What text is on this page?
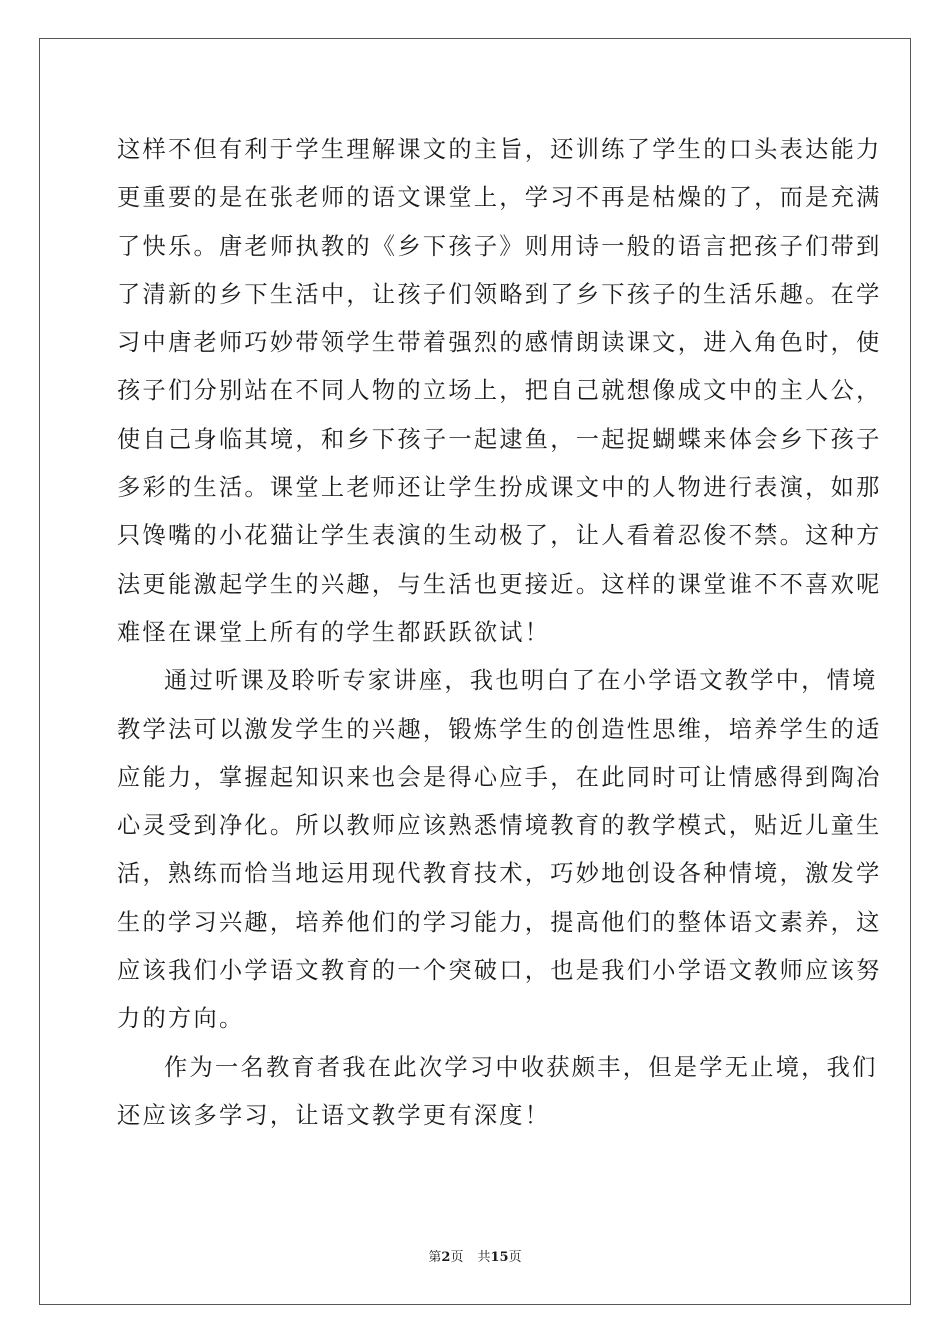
这样不但有利于学生理解课文的主旨，还训练了学生的口头表达能力
更重要的是在张老师的语文课堂上，学习不再是枯燥的了，而是充满
了快乐。唐老师执教的《乡下孩子》则用诗一般的语言把孩子们带到
了清新的乡下生活中，让孩子们领略到了乡下孩子的生活乐趣。在学
习中唐老师巧妙带领学生带着强烈的感情朗读课文，进入角色时，使
孩子们分别站在不同人物的立场上，把自己就想像成文中的主人公，
使自己身临其境，和乡下孩子一起逮鱼，一起捉蝴蝶来体会乡下孩子
多彩的生活。课堂上老师还让学生扮成课文中的人物进行表演，如那
只馋嘴的小花猫让学生表演的生动极了，让人看着忍俊不禁。这种方
法更能激起学生的兴趣，与生活也更接近。这样的课堂谁不不喜欢呢
难怪在课堂上所有的学生都跃跃欲试！
通过听课及聆听专家讲座，我也明白了在小学语文教学中，情境
教学法可以激发学生的兴趣，锻炼学生的创造性思维，培养学生的适
应能力，掌握起知识来也会是得心应手，在此同时可让情感得到陶冶
心灵受到净化。所以教师应该熟悉情境教育的教学模式，贴近儿童生
活，熟练而恰当地运用现代教育技术，巧妙地创设各种情境，激发学
生的学习兴趣，培养他们的学习能力，提高他们的整体语文素养，这
应该我们小学语文教育的一个突破口，也是我们小学语文教师应该努
力的方向。
作为一名教育者我在此次学习中收获颇丰，但是学无止境，我们
还应该多学习，让语文教学更有深度！
第2页 共15页
